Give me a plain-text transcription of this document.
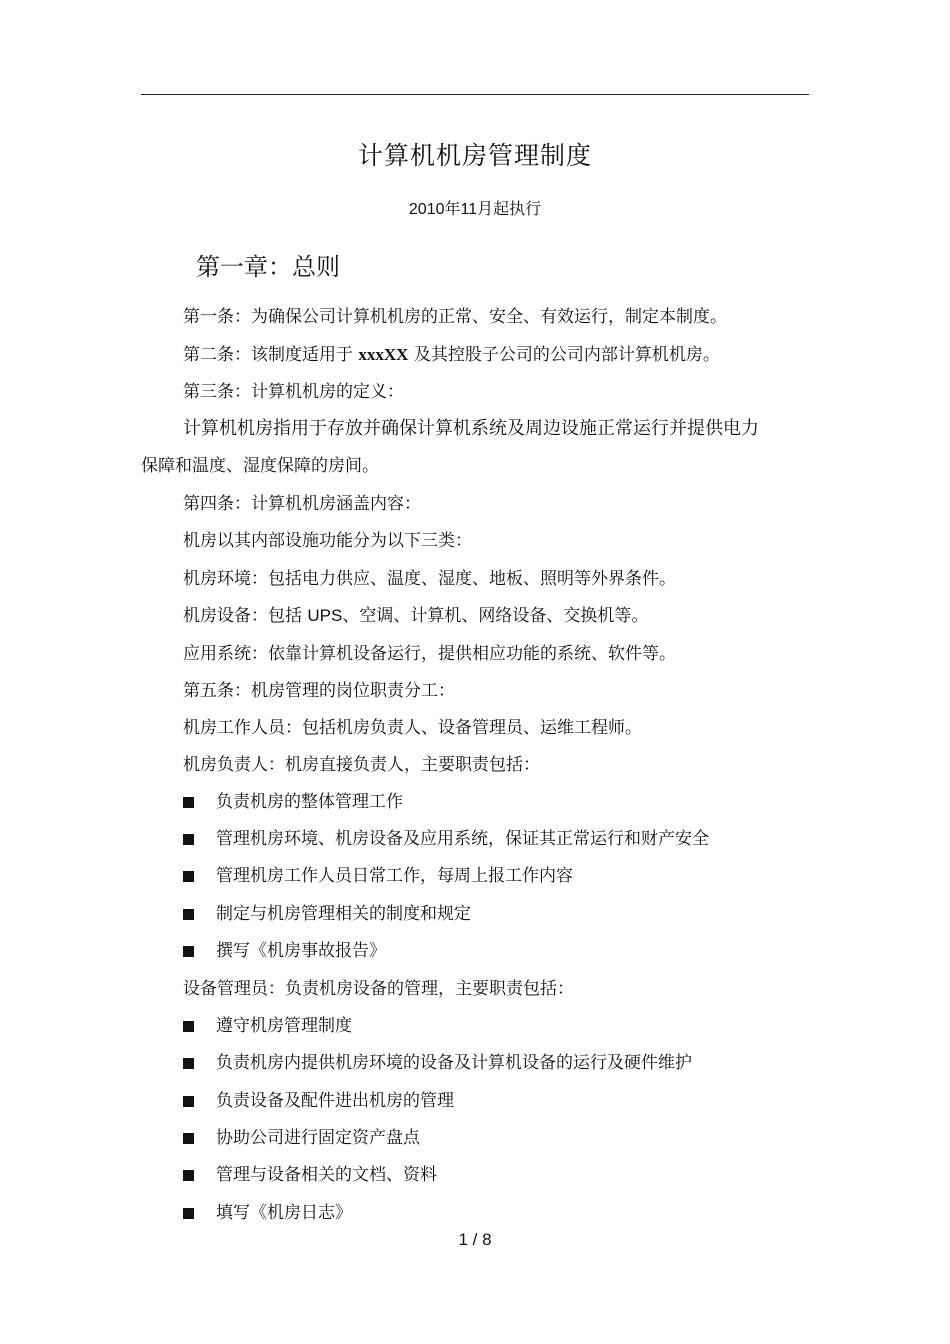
计算机机房管理制度
2010年11月起执行
第一章：总则
第一条：为确保公司计算机机房的正常、安全、有效运行，制定本制度。
第二条：该制度适用于 xxxXX 及其控股子公司的公司内部计算机机房。
第三条：计算机机房的定义：
计算机机房指用于存放并确保计算机系统及周边设施正常运行并提供电力
保障和温度、湿度保障的房间。
第四条：计算机机房涵盖内容：
机房以其内部设施功能分为以下三类：
机房环境：包括电力供应、温度、湿度、地板、照明等外界条件。
机房设备：包括 UPS、空调、计算机、网络设备、交换机等。
应用系统：依靠计算机设备运行，提供相应功能的系统、软件等。
第五条：机房管理的岗位职责分工：
机房工作人员：包括机房负责人、设备管理员、运维工程师。
机房负责人：机房直接负责人，主要职责包括：
负责机房的整体管理工作
管理机房环境、机房设备及应用系统，保证其正常运行和财产安全
管理机房工作人员日常工作，每周上报工作内容
制定与机房管理相关的制度和规定
撰写《机房事故报告》
设备管理员：负责机房设备的管理，主要职责包括：
遵守机房管理制度
负责机房内提供机房环境的设备及计算机设备的运行及硬件维护
负责设备及配件进出机房的管理
协助公司进行固定资产盘点
管理与设备相关的文档、资料
填写《机房日志》
1 / 8
